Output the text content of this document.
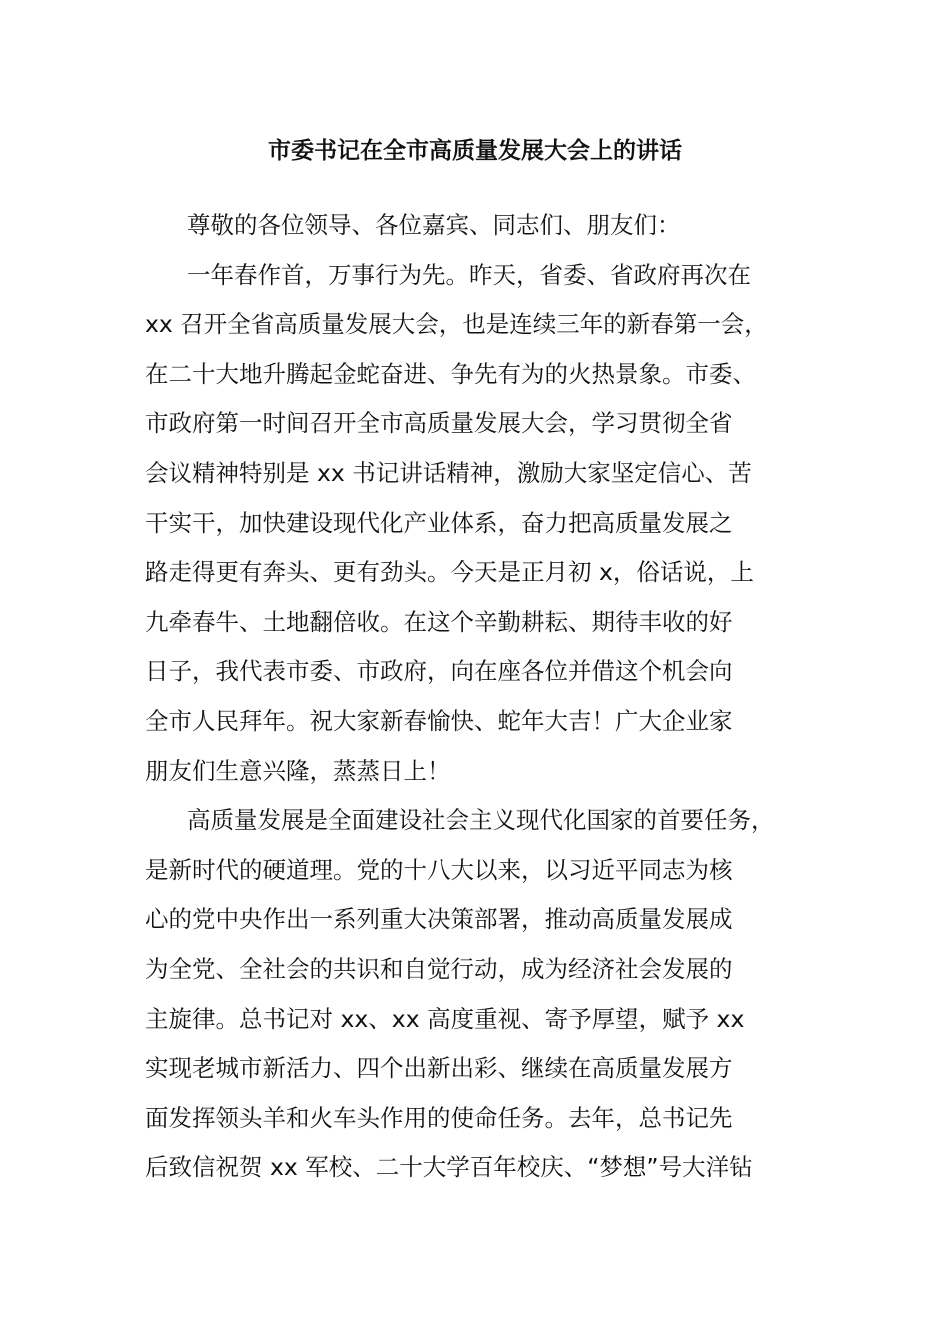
市委书记在全市高质量发展大会上的讲话
尊敬的各位领导、各位嘉宾、同志们、朋友们：
一年春作首，万事行为先。昨天，省委、省政府再次在
xx 召开全省高质量发展大会，也是连续三年的新春第一会，
在二十大地升腾起金蛇奋进、争先有为的火热景象。市委、
市政府第一时间召开全市高质量发展大会，学习贯彻全省
会议精神特别是 xx 书记讲话精神，激励大家坚定信心、苦
干实干，加快建设现代化产业体系，奋力把高质量发展之
路走得更有奔头、更有劲头。今天是正月初 x，俗话说，上
九牵春牛、土地翻倍收。在这个辛勤耕耘、期待丰收的好
日子，我代表市委、市政府，向在座各位并借这个机会向
全市人民拜年。祝大家新春愉快、蛇年大吉！广大企业家
朋友们生意兴隆，蒸蒸日上！
高质量发展是全面建设社会主义现代化国家的首要任务，
是新时代的硬道理。党的十八大以来，以习近平同志为核
心的党中央作出一系列重大决策部署，推动高质量发展成
为全党、全社会的共识和自觉行动，成为经济社会发展的
主旋律。总书记对 xx、xx 高度重视、寄予厚望，赋予 xx
实现老城市新活力、四个出新出彩、继续在高质量发展方
面发挥领头羊和火车头作用的使命任务。去年，总书记先
后致信祝贺 xx 军校、二十大学百年校庆、“梦想”号大洋钻
